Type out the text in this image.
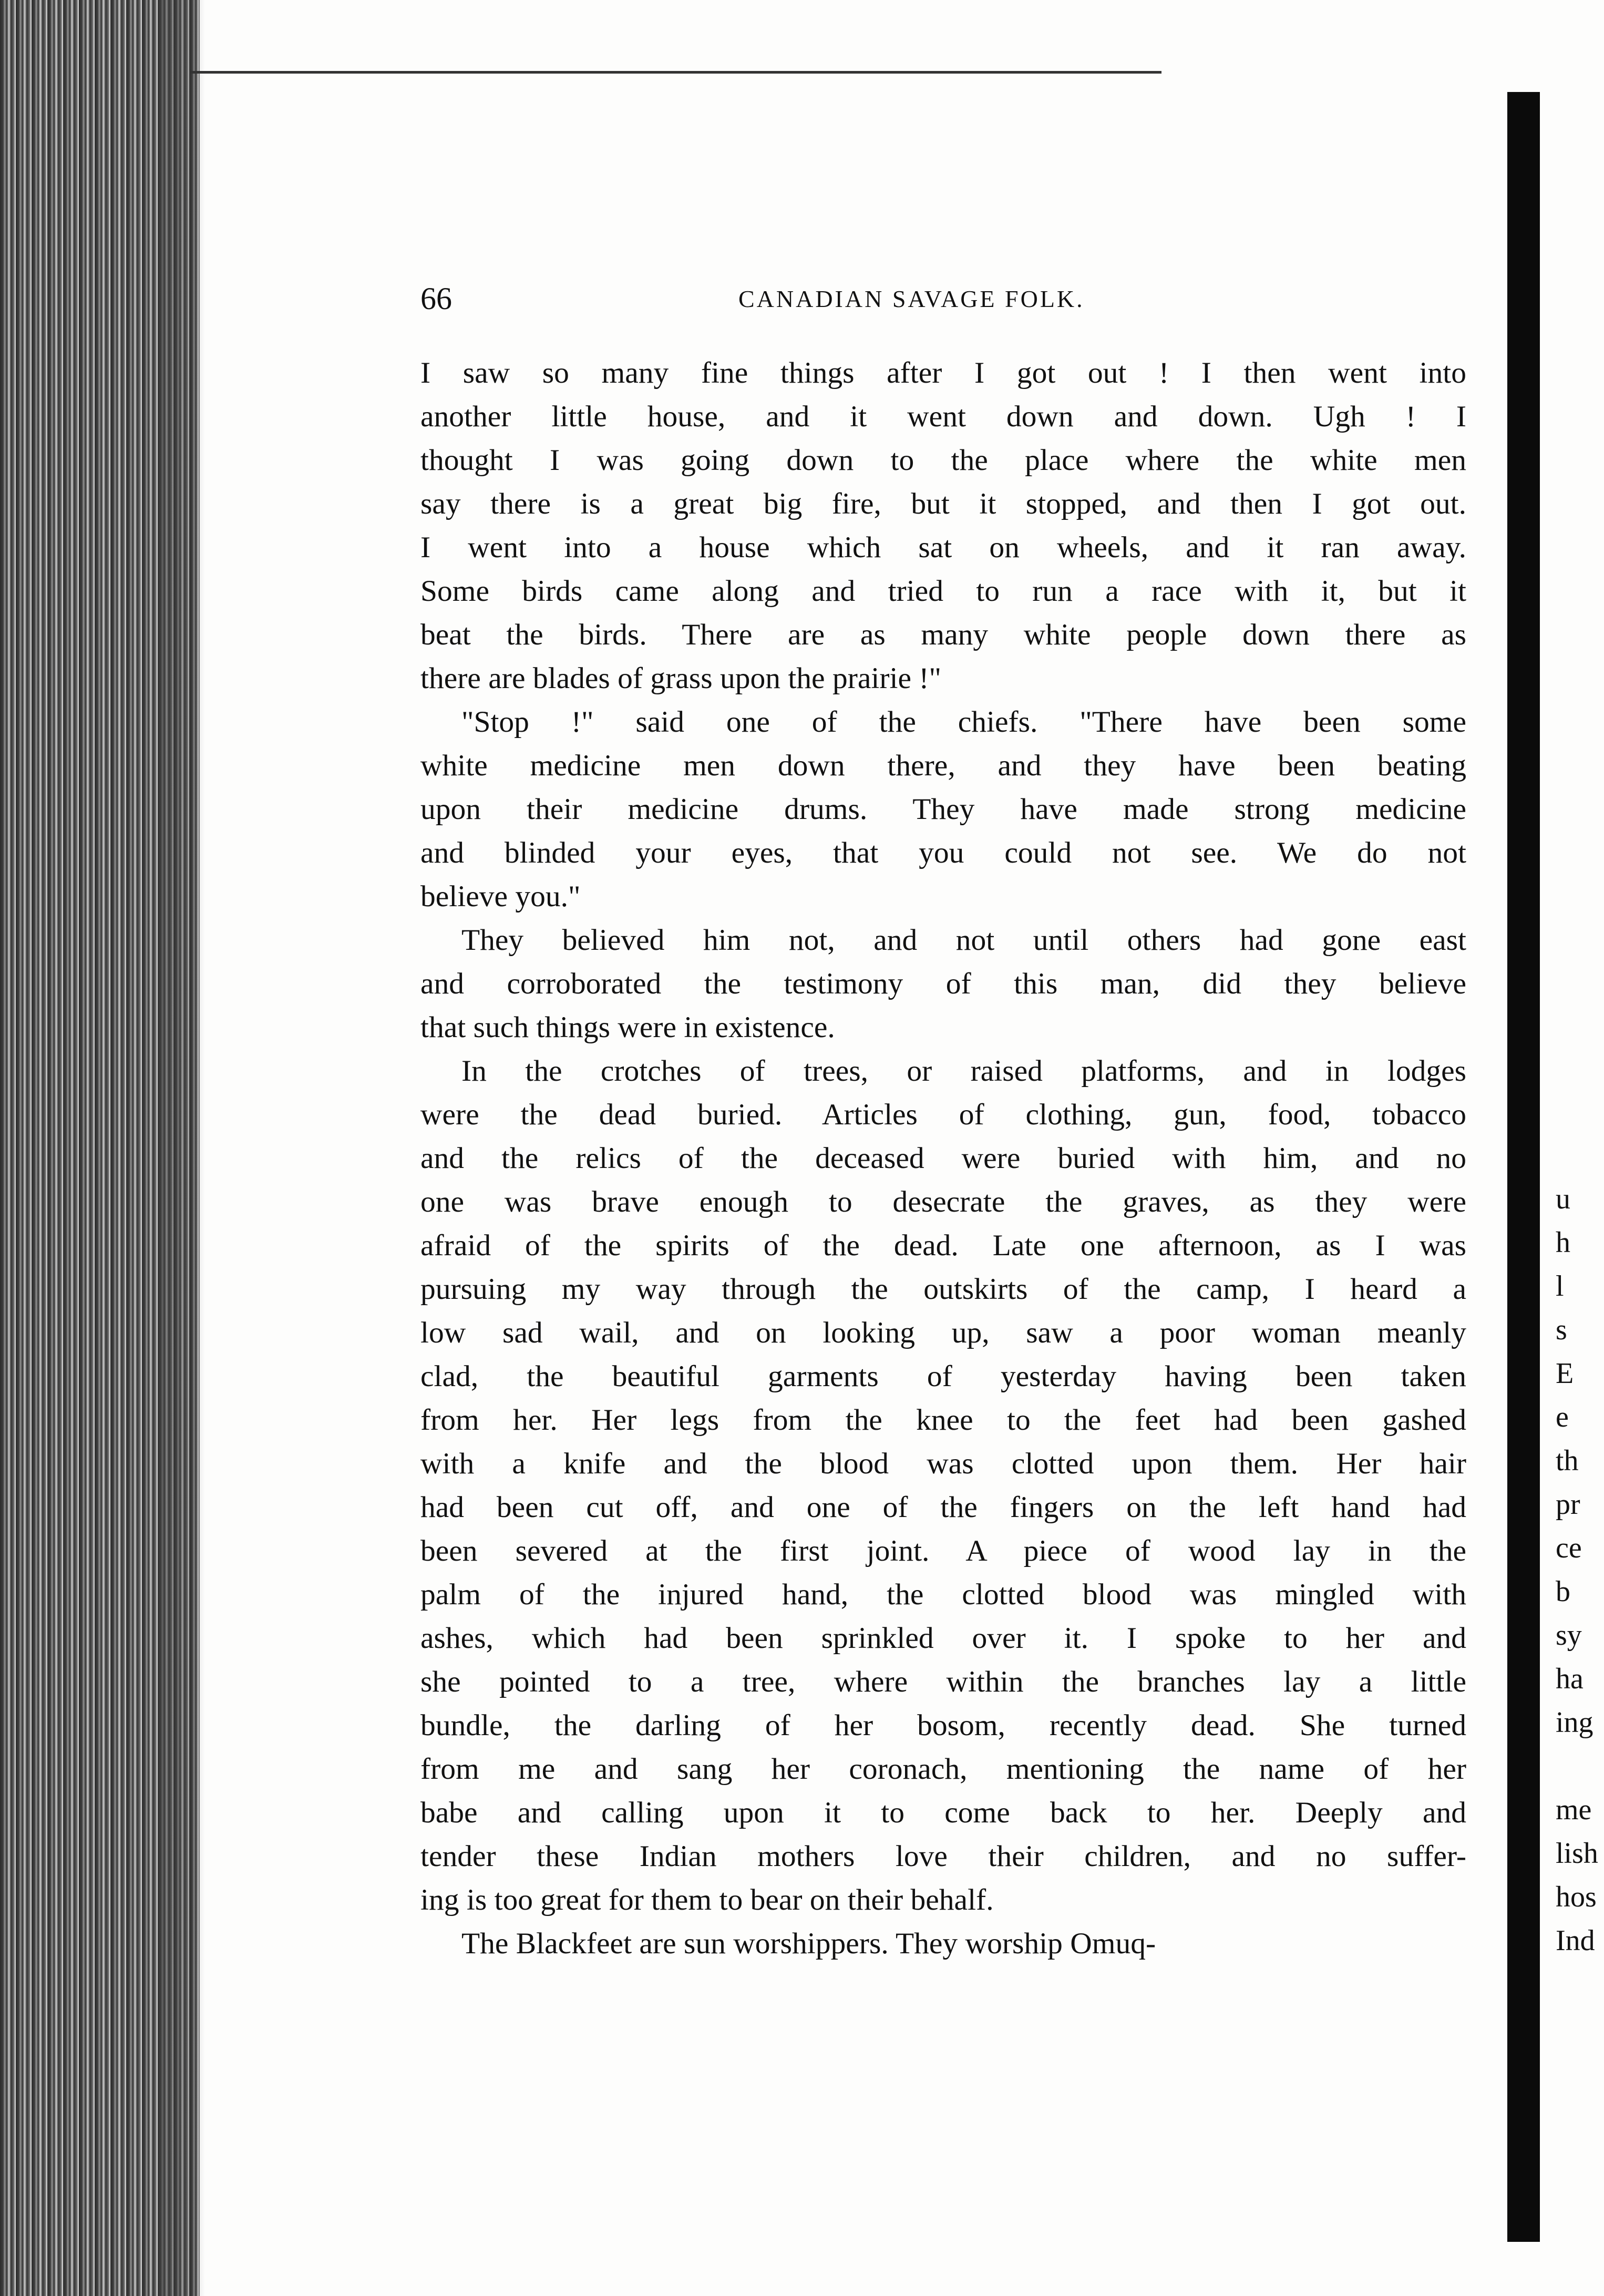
u
h
l
s
E
e
th
pr
ce
b
sy
ha
ing
me
lish
hos
Ind
66	CANADIAN SAVAGE FOLK.

I saw so many fine things after I got out ! I then went into
another little house, and it went down and down. Ugh ! I
thought I was going down to the place where the white men
say there is a great big fire, but it stopped, and then I got out.
I went into a house which sat on wheels, and it ran away.
Some birds came along and tried to run a race with it, but it
beat the birds. There are as many white people down there as
there are blades of grass upon the prairie !"

"Stop !" said one of the chiefs. "There have been some
white medicine men down there, and they have been beating
upon their medicine drums. They have made strong medicine
and blinded your eyes, that you could not see. We do not
believe you."

They believed him not, and not until others had gone east
and corroborated the testimony of this man, did they believe
that such things were in existence.

In the crotches of trees, or raised platforms, and in lodges
were the dead buried. Articles of clothing, gun, food, tobacco
and the relics of the deceased were buried with him, and no
one was brave enough to desecrate the graves, as they were
afraid of the spirits of the dead. Late one afternoon, as I was
pursuing my way through the outskirts of the camp, I heard a
low sad wail, and on looking up, saw a poor woman meanly
clad, the beautiful garments of yesterday having been taken
from her. Her legs from the knee to the feet had been gashed
with a knife and the blood was clotted upon them. Her hair
had been cut off, and one of the fingers on the left hand had
been severed at the first joint. A piece of wood lay in the
palm of the injured hand, the clotted blood was mingled with
ashes, which had been sprinkled over it. I spoke to her and
she pointed to a tree, where within the branches lay a little
bundle, the darling of her bosom, recently dead. She turned
from me and sang her coronach, mentioning the name of her
babe and calling upon it to come back to her. Deeply and
tender these Indian mothers love their children, and no suffer-
ing is too great for them to bear on their behalf.

The Blackfeet are sun worshippers. They worship Omuq-
